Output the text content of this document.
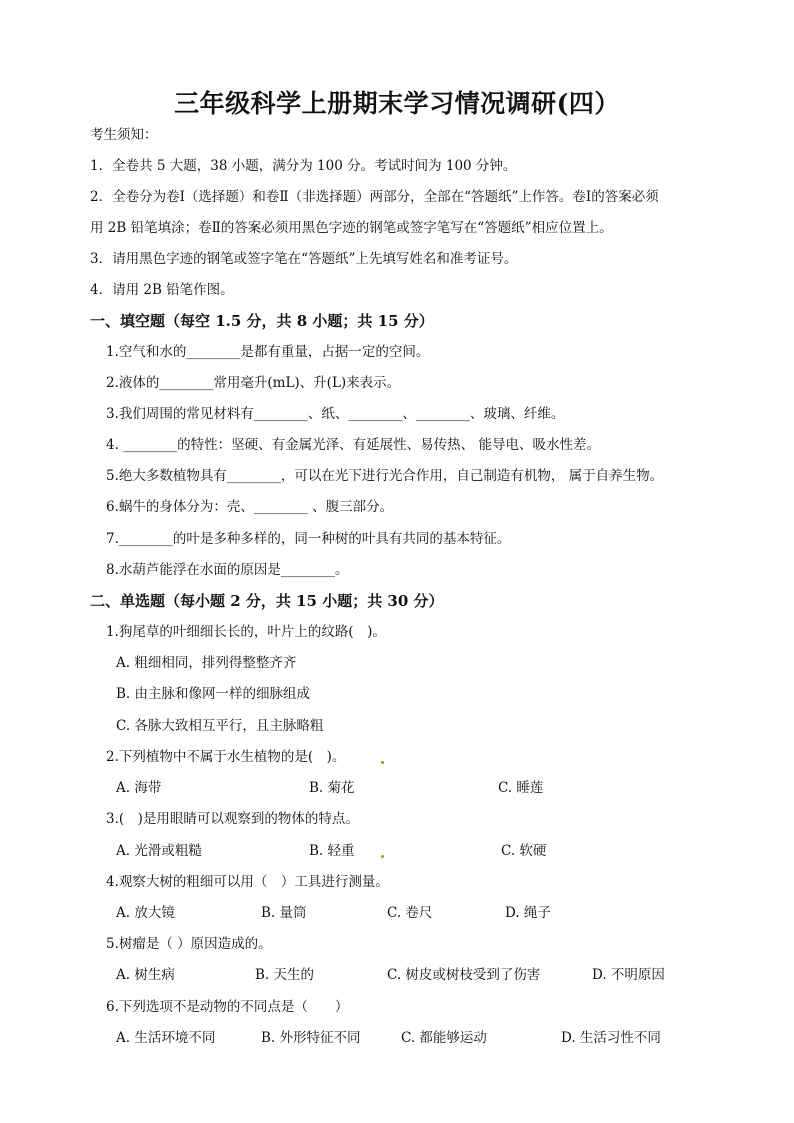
三年级科学上册期末学习情况调研(四）
考生须知：
1．全卷共 5 大题，38 小题，满分为 100 分。考试时间为 100 分钟。
2．全卷分为卷Ⅰ（选择题）和卷Ⅱ（非选择题）两部分，全部在“答题纸”上作答。卷Ⅰ的答案必须
用 2B 铅笔填涂；卷Ⅱ的答案必须用黑色字迹的钢笔或签字笔写在“答题纸”相应位置上。
3．请用黑色字迹的钢笔或签字笔在“答题纸”上先填写姓名和准考证号。
4．请用 2B 铅笔作图。
一、填空题（每空 1.5 分，共 8 小题；共 15 分）
1.空气和水的________是都有重量，占据一定的空间。
2.液体的________常用毫升(mL)、升(L)来表示。
3.我们周围的常见材料有________、纸、________、________、玻璃、纤维。
4. ________的特性：坚硬、有金属光泽、有延展性、易传热、 能导电、吸水性差。
5.绝大多数植物具有________，可以在光下进行光合作用，自己制造有机物， 属于自养生物。
6.蜗牛的身体分为：壳、________ 、腹三部分。
7.________的叶是多种多样的，同一种树的叶具有共同的基本特征。
8.水葫芦能浮在水面的原因是________。
二、单选题（每小题 2 分，共 15 小题；共 30 分）
1.狗尾草的叶细细长长的，叶片上的纹路(　)。
A. 粗细相同，排列得整整齐齐
B. 由主脉和像网一样的细脉组成
C. 各脉大致相互平行，且主脉略粗
2.下列植物中不属于水生植物的是(　)。
A. 海带	B. 菊花	C. 睡莲
3.(　)是用眼睛可以观察到的物体的特点。
A. 光滑或粗糙	B. 轻重	C. 软硬
4.观察大树的粗细可以用（　）工具进行测量。
A. 放大镜	B. 量筒	C. 卷尺	D. 绳子
5.树瘤是（ ）原因造成的。
A. 树生病	B. 天生的	C. 树皮或树枝受到了伤害	D. 不明原因
6.下列选项不是动物的不同点是（　　）
A. 生活环境不同	B. 外形特征不同	C. 都能够运动	D. 生活习性不同
